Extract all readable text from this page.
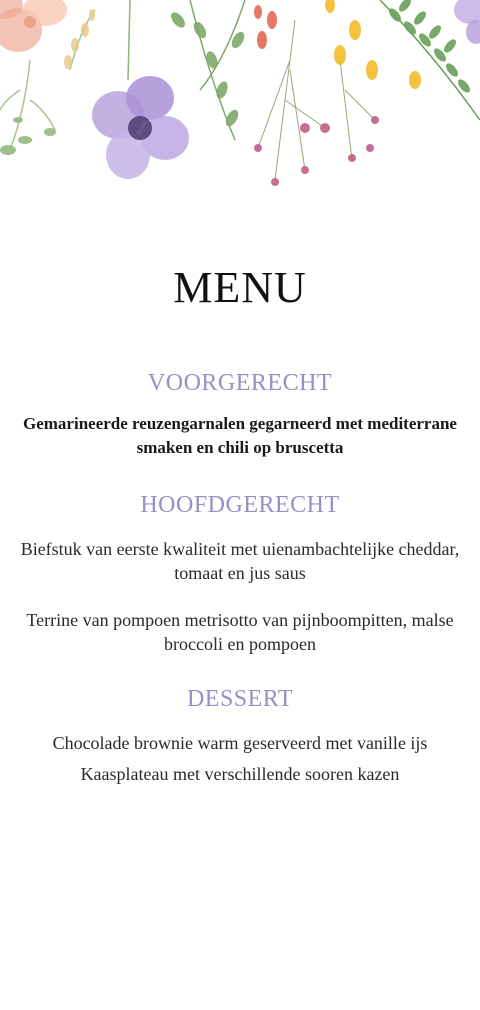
MENU
VOORGERECHT
Gemarineerde reuzengarnalen gegarneerd met mediterrane smaken en chili op bruscetta
HOOFDGERECHT
Biefstuk van eerste kwaliteit met uienambachtelijke cheddar, tomaat en jus saus
Terrine van pompoen metrisotto van pijnboompitten, malse broccoli en pompoen
DESSERT
Chocolade brownie warm geserveerd met vanille ijs
Kaasplateau met verschillende sooren kazen
